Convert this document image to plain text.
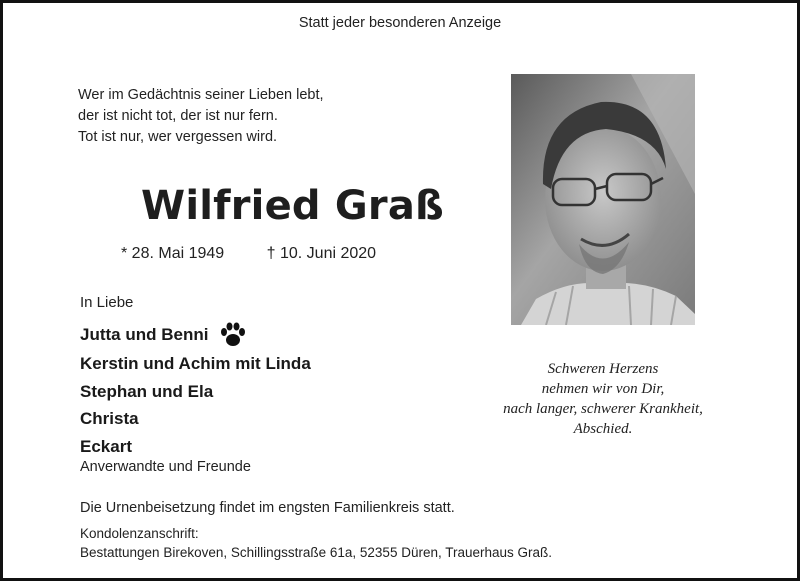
Statt jeder besonderen Anzeige
Wer im Gedächtnis seiner Lieben lebt,
der ist nicht tot, der ist nur fern.
Tot ist nur, wer vergessen wird.
Wilfried Graß
* 28. Mai 1949	† 10. Juni 2020
In Liebe
Jutta und Benni
Kerstin und Achim mit Linda
Stephan und Ela
Christa
Eckart
Anverwandte und Freunde
Schweren Herzens
nehmen wir von Dir,
nach langer, schwerer Krankheit,
Abschied.
Die Urnenbeisetzung findet im engsten Familienkreis statt.
Kondolenzanschrift:
Bestattungen Birekoven, Schillingsstraße 61a, 52355 Düren, Trauerhaus Graß.
